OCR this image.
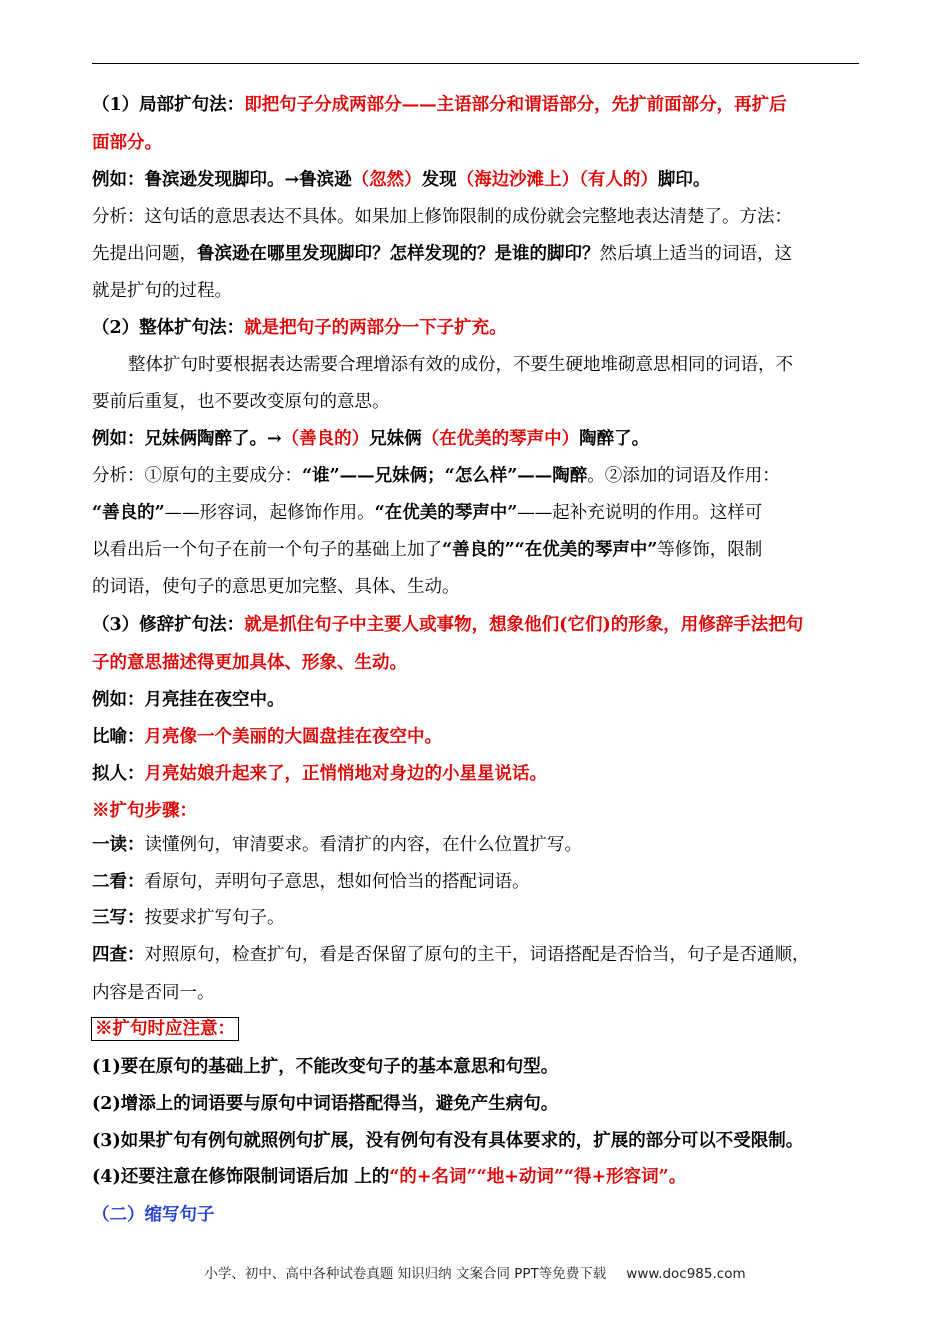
（1）局部扩句法：即把句子分成两部分——主语部分和谓语部分，先扩前面部分，再扩后
面部分。
例如：鲁滨逊发现脚印。→鲁滨逊（忽然）发现（海边沙滩上）（有人的）脚印。
分析：这句话的意思表达不具体。如果加上修饰限制的成份就会完整地表达清楚了。方法：
先提出问题，鲁滨逊在哪里发现脚印？怎样发现的？是谁的脚印？然后填上适当的词语，这
就是扩句的过程。
（2）整体扩句法：就是把句子的两部分一下子扩充。
整体扩句时要根据表达需要合理增添有效的成份，不要生硬地堆砌意思相同的词语，不
要前后重复，也不要改变原句的意思。
例如：兄妹俩陶醉了。→（善良的）兄妹俩（在优美的琴声中）陶醉了。
分析：①原句的主要成分：“谁”——兄妹俩；“怎么样”——陶醉。②添加的词语及作用：
“善良的”——形容词，起修饰作用。“在优美的琴声中”——起补充说明的作用。这样可
以看出后一个句子在前一个句子的基础上加了“善良的”“在优美的琴声中”等修饰，限制
的词语，使句子的意思更加完整、具体、生动。
（3）修辞扩句法：就是抓住句子中主要人或事物，想象他们(它们)的形象，用修辞手法把句
子的意思描述得更加具体、形象、生动。
例如：月亮挂在夜空中。
比喻：月亮像一个美丽的大圆盘挂在夜空中。
拟人：月亮姑娘升起来了，正悄悄地对身边的小星星说话。
※扩句步骤：
一读：读懂例句，审清要求。看清扩的内容，在什么位置扩写。
二看：看原句，弄明句子意思，想如何恰当的搭配词语。
三写：按要求扩写句子。
四查：对照原句，检查扩句，看是否保留了原句的主干，词语搭配是否恰当，句子是否通顺，
内容是否同一。
※扩句时应注意：
(1)要在原句的基础上扩，不能改变句子的基本意思和句型。
(2)增添上的词语要与原句中词语搭配得当，避免产生病句。
(3)如果扩句有例句就照例句扩展，没有例句有没有具体要求的，扩展的部分可以不受限制。
(4)还要注意在修饰限制词语后加 上的“的+名词”“地+动词”“得+形容词”。
（二）缩写句子
小学、初中、高中各种试卷真题 知识归纳 文案合同 PPT等免费下载 www.doc985.com
